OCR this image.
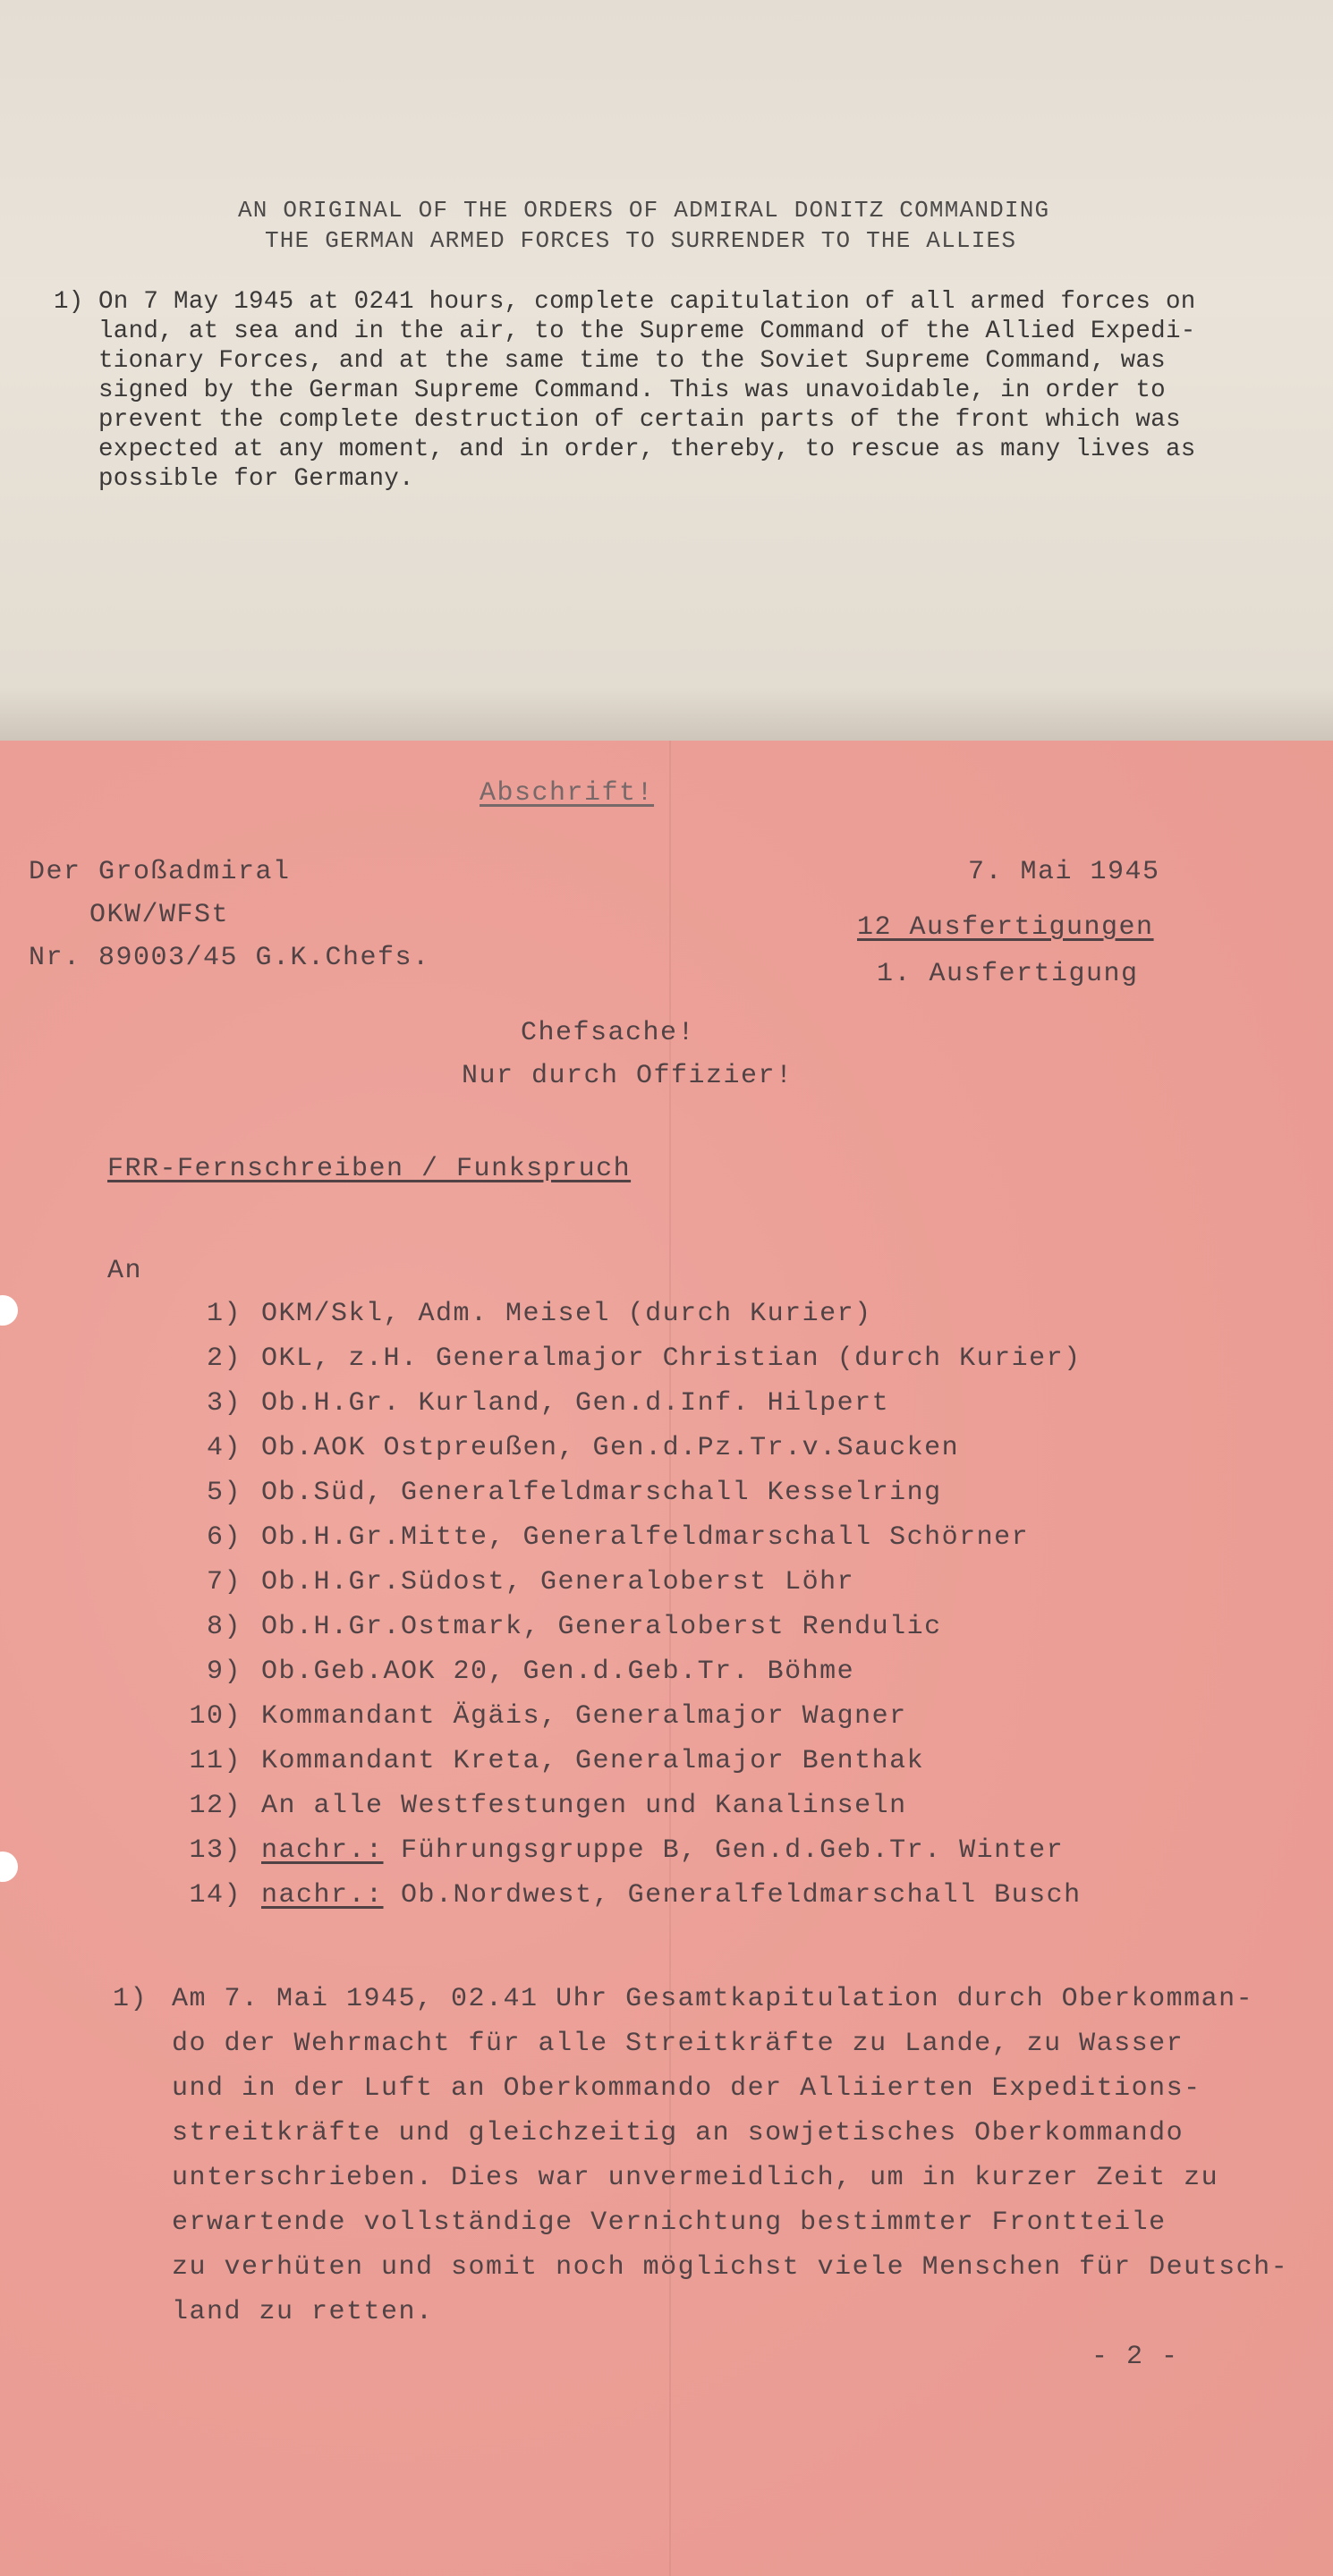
AN ORIGINAL OF THE ORDERS OF ADMIRAL DONITZ COMMANDING
THE GERMAN ARMED FORCES TO SURRENDER TO THE ALLIES
1) On 7 May 1945 at 0241 hours, complete capitulation of all armed forces on
land, at sea and in the air, to the Supreme Command of the Allied Expedi-
tionary Forces, and at the same time to the Soviet Supreme Command, was
signed by the German Supreme Command. This was unavoidable, in order to
prevent the complete destruction of certain parts of the front which was
expected at any moment, and in order, thereby, to rescue as many lives as
possible for Germany.
Abschrift!
Der Großadmiral
OKW/WFSt
Nr. 89003/45 G.K.Chefs.
7. Mai 1945
12 Ausfertigungen
1. Ausfertigung
Chefsache!
Nur durch Offizier!
FRR-Fernschreiben / Funkspruch
An
1) OKM/Skl, Adm. Meisel (durch Kurier)
2) OKL, z.H. Generalmajor Christian (durch Kurier)
3) Ob.H.Gr. Kurland, Gen.d.Inf. Hilpert
4) Ob.AOK Ostpreußen, Gen.d.Pz.Tr.v.Saucken
5) Ob.Süd, Generalfeldmarschall Kesselring
6) Ob.H.Gr.Mitte, Generalfeldmarschall Schörner
7) Ob.H.Gr.Südost, Generaloberst Löhr
8) Ob.H.Gr.Ostmark, Generaloberst Rendulic
9) Ob.Geb.AOK 20, Gen.d.Geb.Tr. Böhme
10) Kommandant Ägäis, Generalmajor Wagner
11) Kommandant Kreta, Generalmajor Benthak
12) An alle Westfestungen und Kanalinseln
13) nachr.: Führungsgruppe B, Gen.d.Geb.Tr. Winter
14) nachr.: Ob.Nordwest, Generalfeldmarschall Busch
1) Am 7. Mai 1945, 02.41 Uhr Gesamtkapitulation durch Oberkomman-
do der Wehrmacht für alle Streitkräfte zu Lande, zu Wasser
und in der Luft an Oberkommando der Alliierten Expeditions-
streitkräfte und gleichzeitig an sowjetisches Oberkommando
unterschrieben. Dies war unvermeidlich, um in kurzer Zeit zu
erwartende vollständige Vernichtung bestimmter Frontteile
zu verhüten und somit noch möglichst viele Menschen für Deutsch-
land zu retten.
- 2 -
